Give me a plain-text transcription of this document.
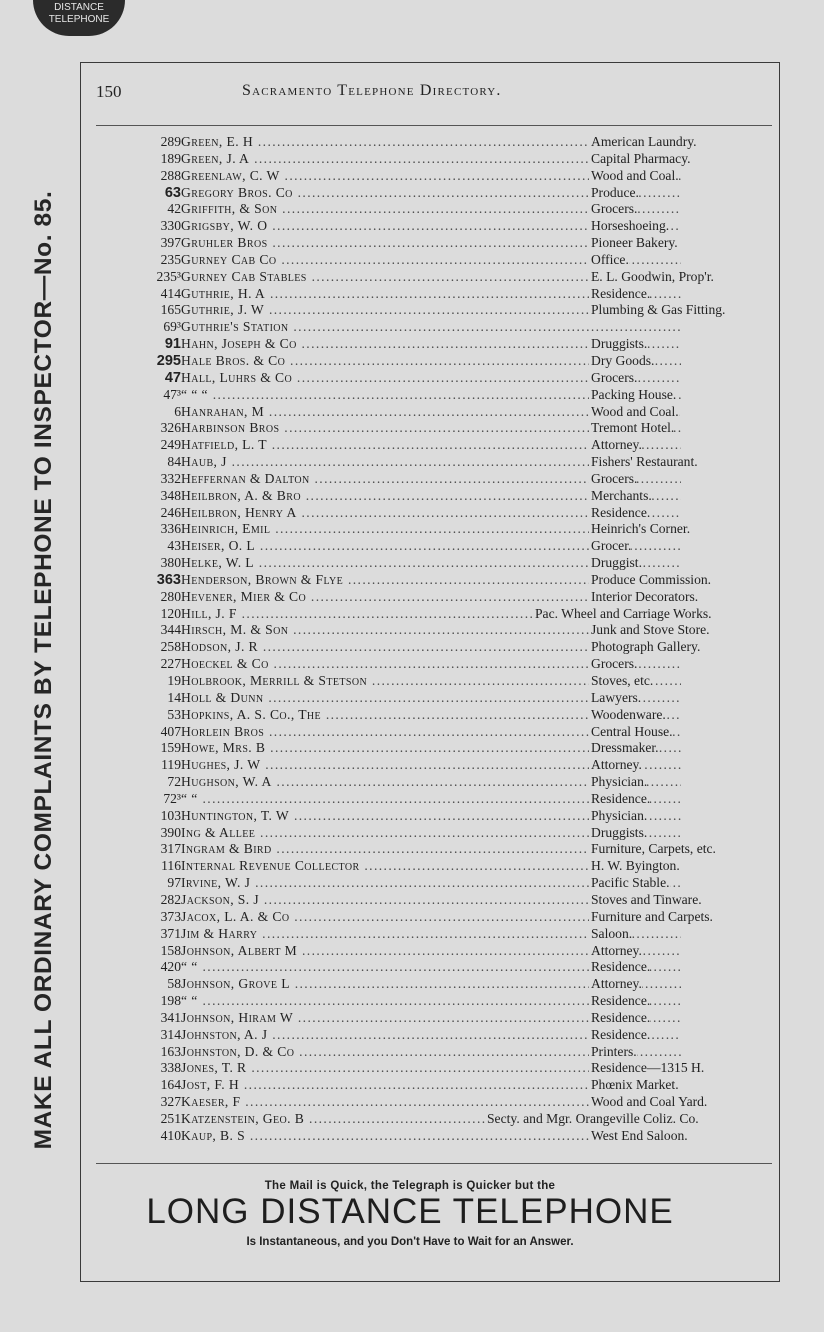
DISTANCE
TELEPHONE
MAKE ALL ORDINARY COMPLAINTS BY TELEPHONE TO INSPECTOR—No. 85.
150	Sacramento Telephone Directory.
289 Green, E. H .....	American Laundry.
189 Green, J. A .....	Capital Pharmacy.
288 Greenlaw, C. W .....	Wood and Coal.
63 Gregory Bros. Co .....	Produce.
42 Griffith, & Son .....	Grocers.
330 Grigsby, W. O .....	Horseshoeing.
397 Gruhler Bros .....	Pioneer Bakery.
235 Gurney Cab Co .....	Office.
235³ Gurney Cab Stables .....	E. L. Goodwin, Prop'r.
414 Guthrie, H. A .....	Residence.
165 Guthrie, J. W .....	Plumbing & Gas Fitting.
69³ Guthrie's Station .....
91 Hahn, Joseph & Co .....	Druggists.
295 Hale Bros. & Co .....	Dry Goods.
47 Hall, Luhrs & Co .....	Grocers.
47³ “ “ “ .....	Packing House.
6 Hanrahan, M .....	Wood and Coal.
326 Harbinson Bros .....	Tremont Hotel.
249 Hatfield, L. T .....	Attorney.
84 Haub, J .....	Fishers' Restaurant.
332 Heffernan & Dalton .....	Grocers.
348 Heilbron, A. & Bro .....	Merchants.
246 Heilbron, Henry A .....	Residence.
336 Heinrich, Emil .....	Heinrich's Corner.
43 Heiser, O. L .....	Grocer.
380 Helke, W. L .....	Druggist.
363 Henderson, Brown & Flye .....	Produce Commission.
280 Hevener, Mier & Co .....	Interior Decorators.
120 Hill, J. F .....	Pac. Wheel and Carriage Works.
344 Hirsch, M. & Son .....	Junk and Stove Store.
258 Hodson, J. R .....	Photograph Gallery.
227 Hoeckel & Co .....	Grocers.
19 Holbrook, Merrill & Stetson .....	Stoves, etc.
14 Holl & Dunn .....	Lawyers.
53 Hopkins, A. S. Co., The .....	Woodenware.
407 Horlein Bros .....	Central House.
159 Howe, Mrs. B .....	Dressmaker.
119 Hughes, J. W .....	Attorney.
72 Hughson, W. A .....	Physician.
72³ “ “ .....	Residence.
103 Huntington, T. W .....	Physician.
390 Ing & Allee .....	Druggists.
317 Ingram & Bird .....	Furniture, Carpets, etc.
116 Internal Revenue Collector .....	H. W. Byington.
97 Irvine, W. J .....	Pacific Stable.
282 Jackson, S. J .....	Stoves and Tinware.
373 Jacox, L. A. & Co .....	Furniture and Carpets.
371 Jim & Harry .....	Saloon.
158 Johnson, Albert M .....	Attorney.
420 “ “ .....	Residence.
58 Johnson, Grove L .....	Attorney.
198 “ “ .....	Residence.
341 Johnson, Hiram W .....	Residence.
314 Johnston, A. J .....	Residence.
163 Johnston, D. & Co .....	Printers.
338 Jones, T. R .....	Residence—1315 H.
164 Jost, F. H .....	Phœnix Market.
327 Kaeser, F .....	Wood and Coal Yard.
251 Katzenstein, Geo. B .....	Secty. and Mgr. Orangeville Coliz. Co.
410 Kaup, B. S .....	West End Saloon.
The Mail is Quick, the Telegraph is Quicker but the
LONG DISTANCE TELEPHONE
Is Instantaneous, and you Don't Have to Wait for an Answer.
